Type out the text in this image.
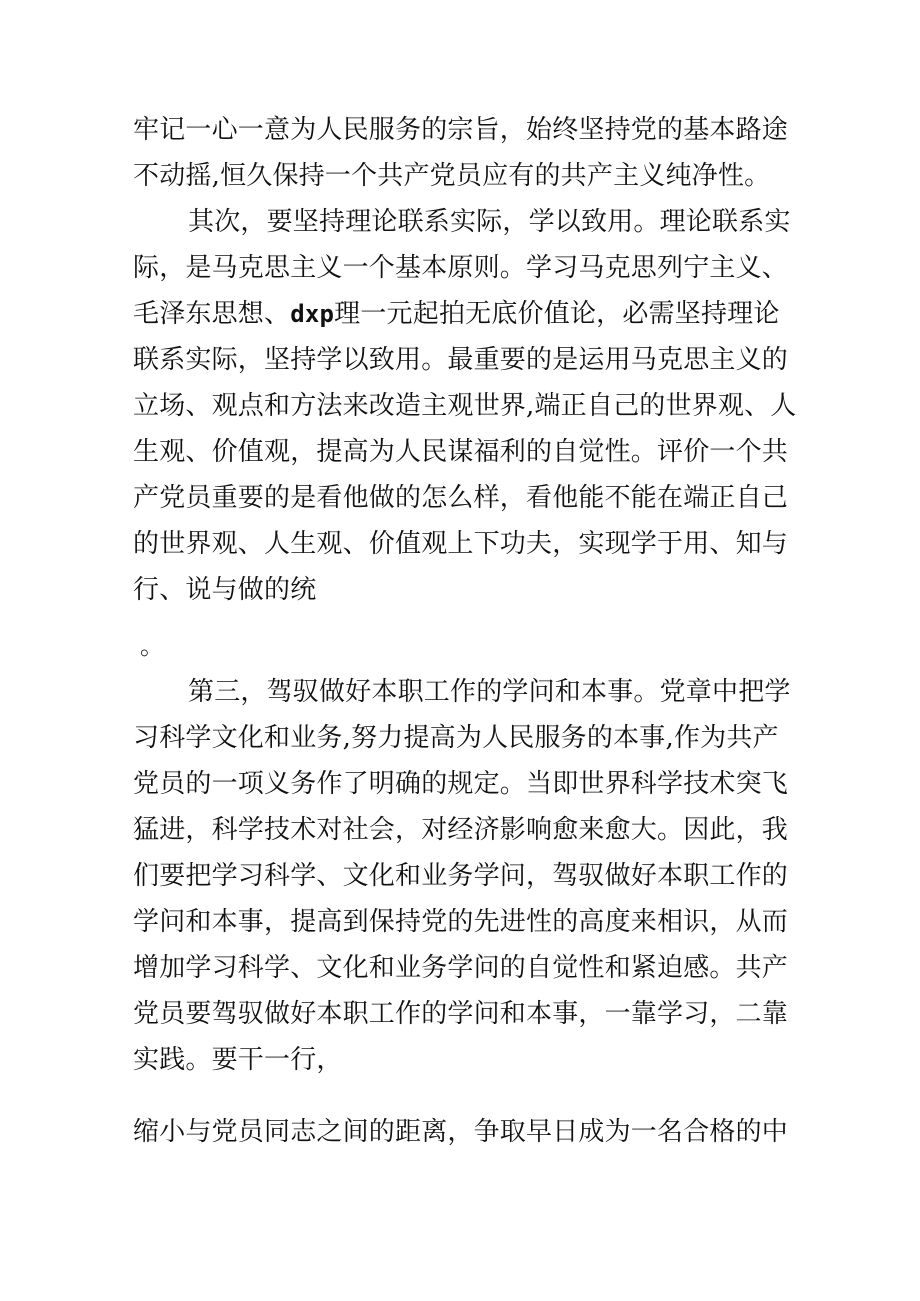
牢记一心一意为人民服务的宗旨，始终坚持党的基本路途
不动摇,恒久保持一个共产党员应有的共产主义纯净性。
其次，要坚持理论联系实际，学以致用。理论联系实
际，是马克思主义一个基本原则。学习马克思列宁主义、
毛泽东思想、dxp理一元起拍无底价值论，必需坚持理论
联系实际，坚持学以致用。最重要的是运用马克思主义的
立场、观点和方法来改造主观世界,端正自己的世界观、人
生观、价值观，提高为人民谋福利的自觉性。评价一个共
产党员重要的是看他做的怎么样，看他能不能在端正自己
的世界观、人生观、价值观上下功夫，实现学于用、知与
行、说与做的统
。
第三，驾驭做好本职工作的学问和本事。党章中把学
习科学文化和业务,努力提高为人民服务的本事,作为共产
党员的一项义务作了明确的规定。当即世界科学技术突飞
猛进，科学技术对社会，对经济影响愈来愈大。因此，我
们要把学习科学、文化和业务学问，驾驭做好本职工作的
学问和本事，提高到保持党的先进性的高度来相识，从而
增加学习科学、文化和业务学问的自觉性和紧迫感。共产
党员要驾驭做好本职工作的学问和本事，一靠学习，二靠
实践。要干一行，
缩小与党员同志之间的距离，争取早日成为一名合格的中
